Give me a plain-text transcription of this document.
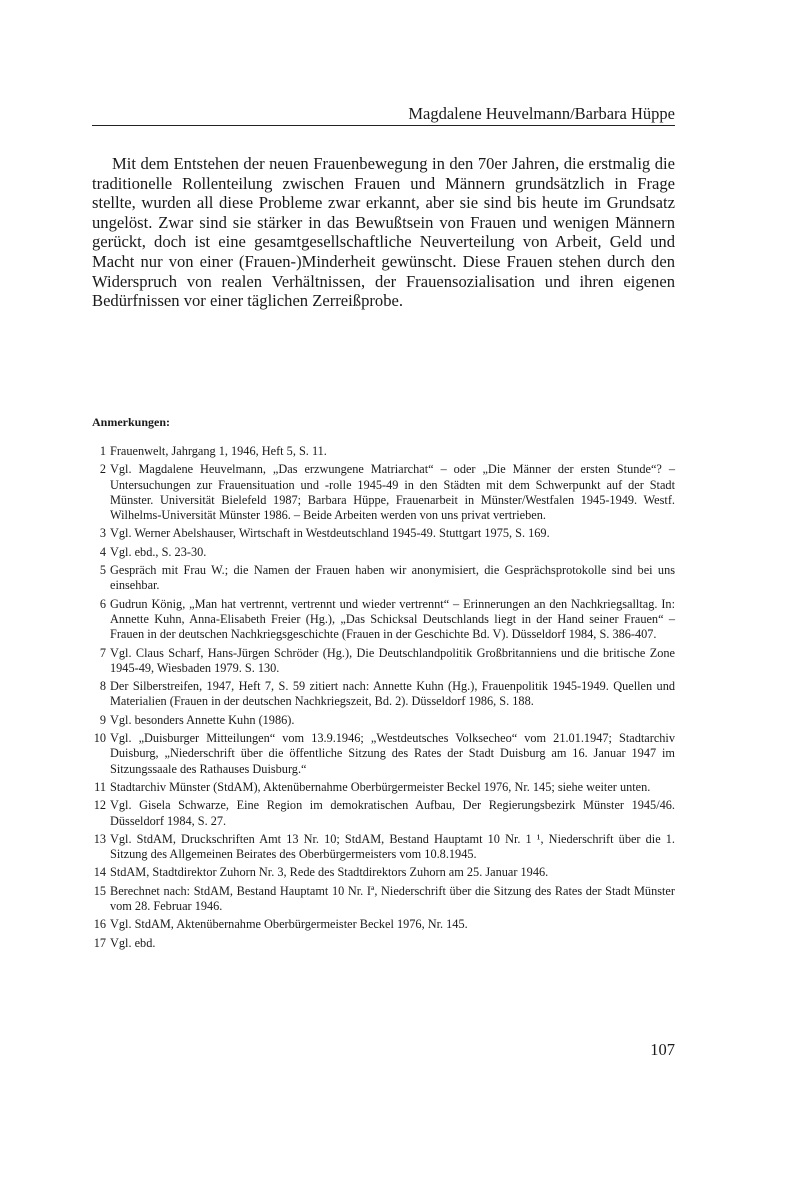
Magdalene Heuvelmann/Barbara Hüppe

Mit dem Entstehen der neuen Frauenbewegung in den 70er Jahren, die erstmalig die traditionelle Rollenteilung zwischen Frauen und Männern grundsätzlich in Frage stellte, wurden all diese Probleme zwar erkannt, aber sie sind bis heute im Grundsatz ungelöst. Zwar sind sie stärker in das Bewußtsein von Frauen und wenigen Männern gerückt, doch ist eine gesamtgesellschaftliche Neuverteilung von Arbeit, Geld und Macht nur von einer (Frauen-)Minderheit gewünscht. Diese Frauen stehen durch den Widerspruch von realen Verhältnissen, der Frauensozialisation und ihren eigenen Bedürfnissen vor einer täglichen Zerreißprobe.

Anmerkungen:
1 Frauenwelt, Jahrgang 1, 1946, Heft 5, S. 11.
2 Vgl. Magdalene Heuvelmann, „Das erzwungene Matriarchat“ – oder „Die Männer der ersten Stunde“? – Untersuchungen zur Frauensituation und -rolle 1945-49 in den Städten mit dem Schwerpunkt auf der Stadt Münster. Universität Bielefeld 1987; Barbara Hüppe, Frauenarbeit in Münster/Westfalen 1945-1949. Westf. Wilhelms-Universität Münster 1986. – Beide Arbeiten werden von uns privat vertrieben.
3 Vgl. Werner Abelshauser, Wirtschaft in Westdeutschland 1945-49. Stuttgart 1975, S. 169.
4 Vgl. ebd., S. 23-30.
5 Gespräch mit Frau W.; die Namen der Frauen haben wir anonymisiert, die Gesprächsprotokolle sind bei uns einsehbar.
6 Gudrun König, „Man hat vertrennt, vertrennt und wieder vertrennt“ – Erinnerungen an den Nachkriegsalltag. In: Annette Kuhn, Anna-Elisabeth Freier (Hg.), „Das Schicksal Deutschlands liegt in der Hand seiner Frauen“ – Frauen in der deutschen Nachkriegsgeschichte (Frauen in der Geschichte Bd. V). Düsseldorf 1984, S. 386-407.
7 Vgl. Claus Scharf, Hans-Jürgen Schröder (Hg.), Die Deutschlandpolitik Großbritanniens und die britische Zone 1945-49, Wiesbaden 1979. S. 130.
8 Der Silberstreifen, 1947, Heft 7, S. 59 zitiert nach: Annette Kuhn (Hg.), Frauenpolitik 1945-1949. Quellen und Materialien (Frauen in der deutschen Nachkriegszeit, Bd. 2). Düsseldorf 1986, S. 188.
9 Vgl. besonders Annette Kuhn (1986).
10 Vgl. „Duisburger Mitteilungen“ vom 13.9.1946; „Westdeutsches Volksecheo“ vom 21.01.1947; Stadtarchiv Duisburg, „Niederschrift über die öffentliche Sitzung des Rates der Stadt Duisburg am 16. Januar 1947 im Sitzungssaale des Rathauses Duisburg.“
11 Stadtarchiv Münster (StdAM), Aktenübernahme Oberbürgermeister Beckel 1976, Nr. 145; siehe weiter unten.
12 Vgl. Gisela Schwarze, Eine Region im demokratischen Aufbau, Der Regierungsbezirk Münster 1945/46. Düsseldorf 1984, S. 27.
13 Vgl. StdAM, Druckschriften Amt 13 Nr. 10; StdAM, Bestand Hauptamt 10 Nr. 1 ¹, Niederschrift über die 1. Sitzung des Allgemeinen Beirates des Oberbürgermeisters vom 10.8.1945.
14 StdAM, Stadtdirektor Zuhorn Nr. 3, Rede des Stadtdirektors Zuhorn am 25. Januar 1946.
15 Berechnet nach: StdAM, Bestand Hauptamt 10 Nr. Iª, Niederschrift über die Sitzung des Rates der Stadt Münster vom 28. Februar 1946.
16 Vgl. StdAM, Aktenübernahme Oberbürgermeister Beckel 1976, Nr. 145.
17 Vgl. ebd.
107
